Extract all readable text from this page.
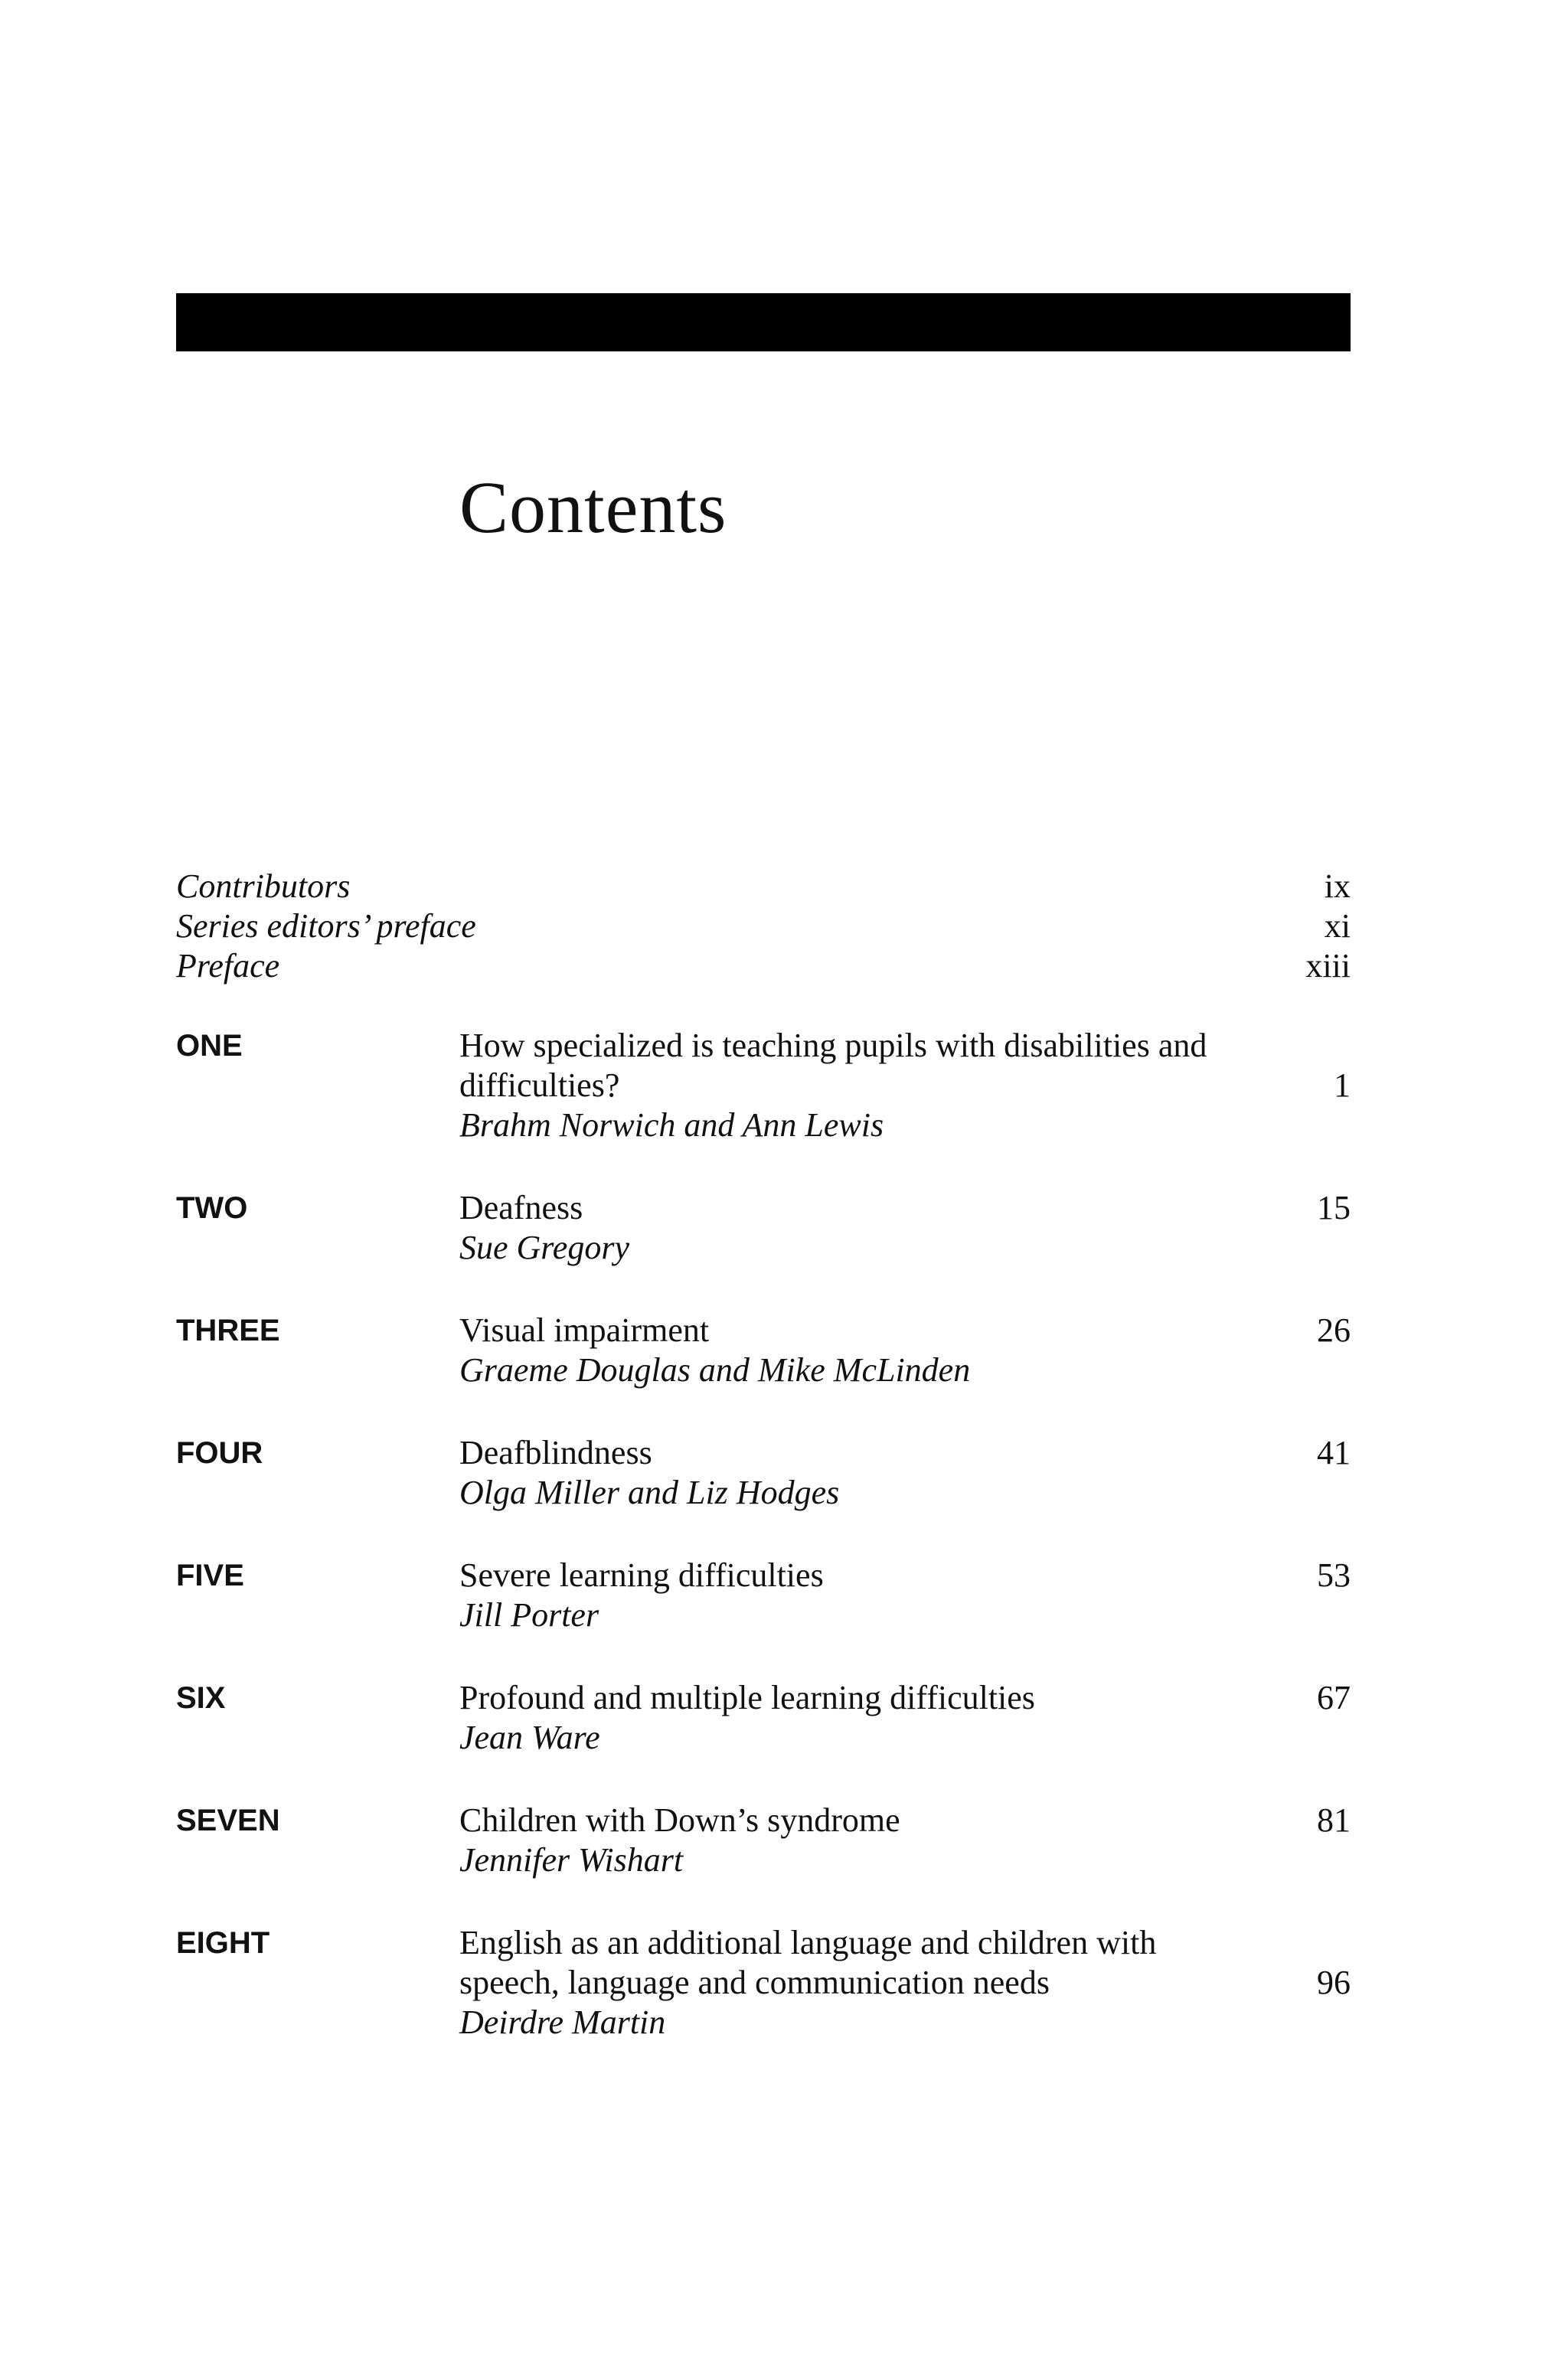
Contents
Contributors	ix
Series editors’ preface	xi
Preface	xiii
ONE	How specialized is teaching pupils with disabilities and difficulties?	1
Brahm Norwich and Ann Lewis
TWO	Deafness	15
Sue Gregory
THREE	Visual impairment	26
Graeme Douglas and Mike McLinden
FOUR	Deafblindness	41
Olga Miller and Liz Hodges
FIVE	Severe learning difficulties	53
Jill Porter
SIX	Profound and multiple learning difficulties	67
Jean Ware
SEVEN	Children with Down’s syndrome	81
Jennifer Wishart
EIGHT	English as an additional language and children with speech, language and communication needs	96
Deirdre Martin
